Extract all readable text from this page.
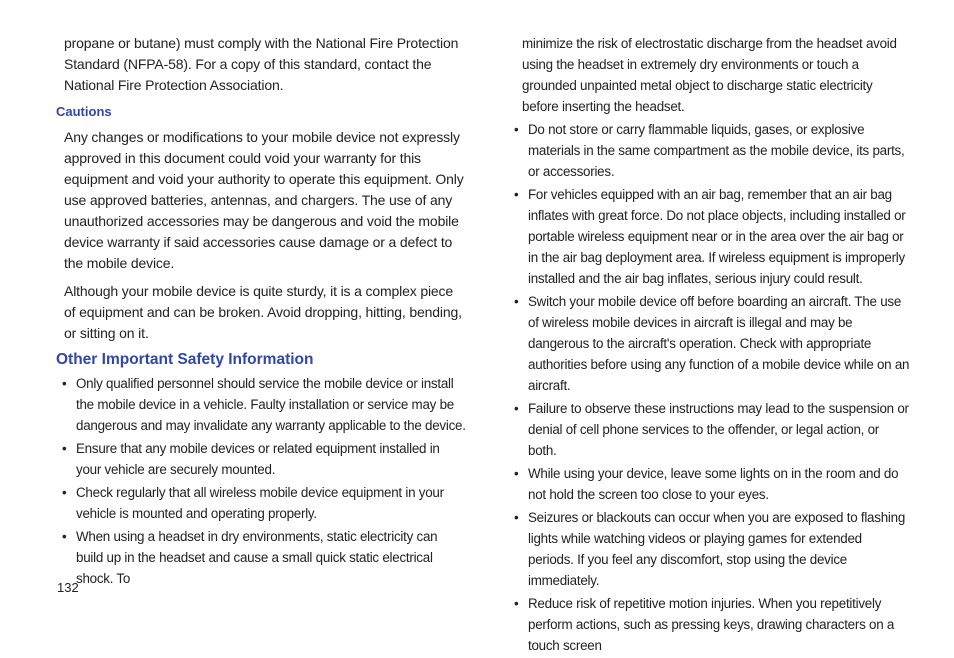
propane or butane) must comply with the National Fire Protection Standard (NFPA-58). For a copy of this standard, contact the National Fire Protection Association.

Cautions

Any changes or modifications to your mobile device not expressly approved in this document could void your warranty for this equipment and void your authority to operate this equipment. Only use approved batteries, antennas, and chargers. The use of any unauthorized accessories may be dangerous and void the mobile device warranty if said accessories cause damage or a defect to the mobile device.

Although your mobile device is quite sturdy, it is a complex piece of equipment and can be broken. Avoid dropping, hitting, bending, or sitting on it.

Other Important Safety Information
• Only qualified personnel should service the mobile device or install the mobile device in a vehicle. Faulty installation or service may be dangerous and may invalidate any warranty applicable to the device.
• Ensure that any mobile devices or related equipment installed in your vehicle are securely mounted.
• Check regularly that all wireless mobile device equipment in your vehicle is mounted and operating properly.
• When using a headset in dry environments, static electricity can build up in the headset and cause a small quick static electrical shock. To

minimize the risk of electrostatic discharge from the headset avoid using the headset in extremely dry environments or touch a grounded unpainted metal object to discharge static electricity before inserting the headset.

• Do not store or carry flammable liquids, gases, or explosive materials in the same compartment as the mobile device, its parts, or accessories.
• For vehicles equipped with an air bag, remember that an air bag inflates with great force. Do not place objects, including installed or portable wireless equipment near or in the area over the air bag or in the air bag deployment area. If wireless equipment is improperly installed and the air bag inflates, serious injury could result.
• Switch your mobile device off before boarding an aircraft. The use of wireless mobile devices in aircraft is illegal and may be dangerous to the aircraft's operation. Check with appropriate authorities before using any function of a mobile device while on an aircraft.
• Failure to observe these instructions may lead to the suspension or denial of cell phone services to the offender, or legal action, or both.
• While using your device, leave some lights on in the room and do not hold the screen too close to your eyes.
• Seizures or blackouts can occur when you are exposed to flashing lights while watching videos or playing games for extended periods. If you feel any discomfort, stop using the device immediately.
• Reduce risk of repetitive motion injuries. When you repetitively perform actions, such as pressing keys, drawing characters on a touch screen
132
